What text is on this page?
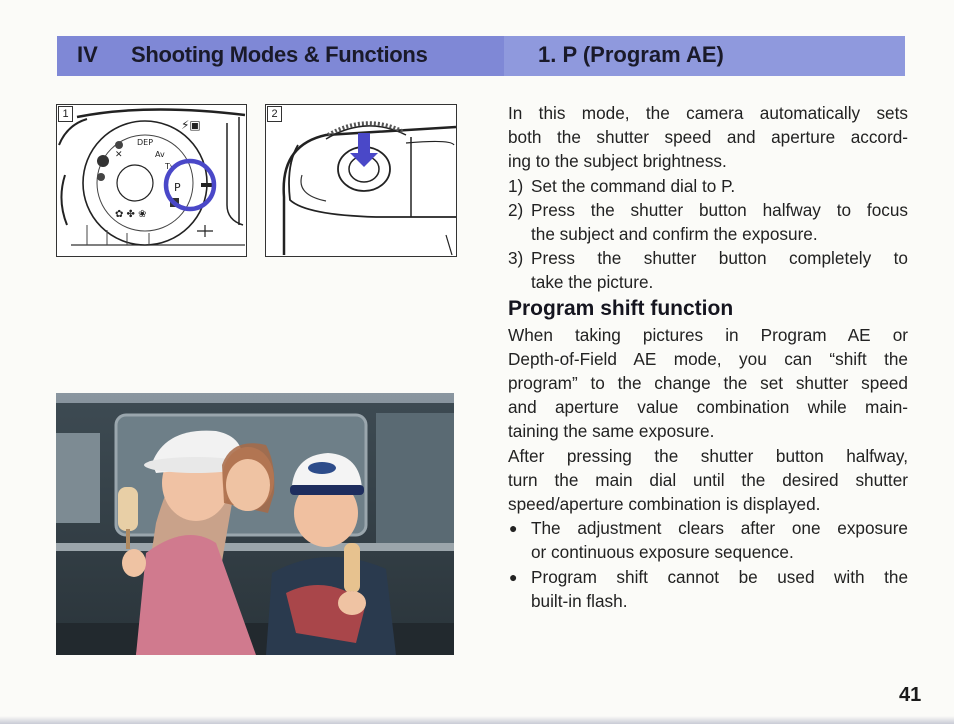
IV Shooting Modes & Functions	1. P (Program AE)
✕
DEP
Av
Tv
P
✿ ✤ ❀
⚡▣
1	2	In this mode, the camera automatically sets

both the shutter speed and aperture accord-

ing to the subject brightness.

1) Set the command dial to P.

2) Press the shutter button halfway to focus

the subject and confirm the exposure.

3) Press the shutter button completely to

take the picture.

Program shift function

When taking pictures in Program AE or

Depth-of-Field AE mode, you can “shift the

program” to the change the set shutter speed

and aperture value combination while main-

taining the same exposure.

After pressing the shutter button halfway,

turn the main dial until the desired shutter

speed/aperture combination is displayed.

● The adjustment clears after one exposure

or continuous exposure sequence.

● Program shift cannot be used with the

built-in flash.

41
